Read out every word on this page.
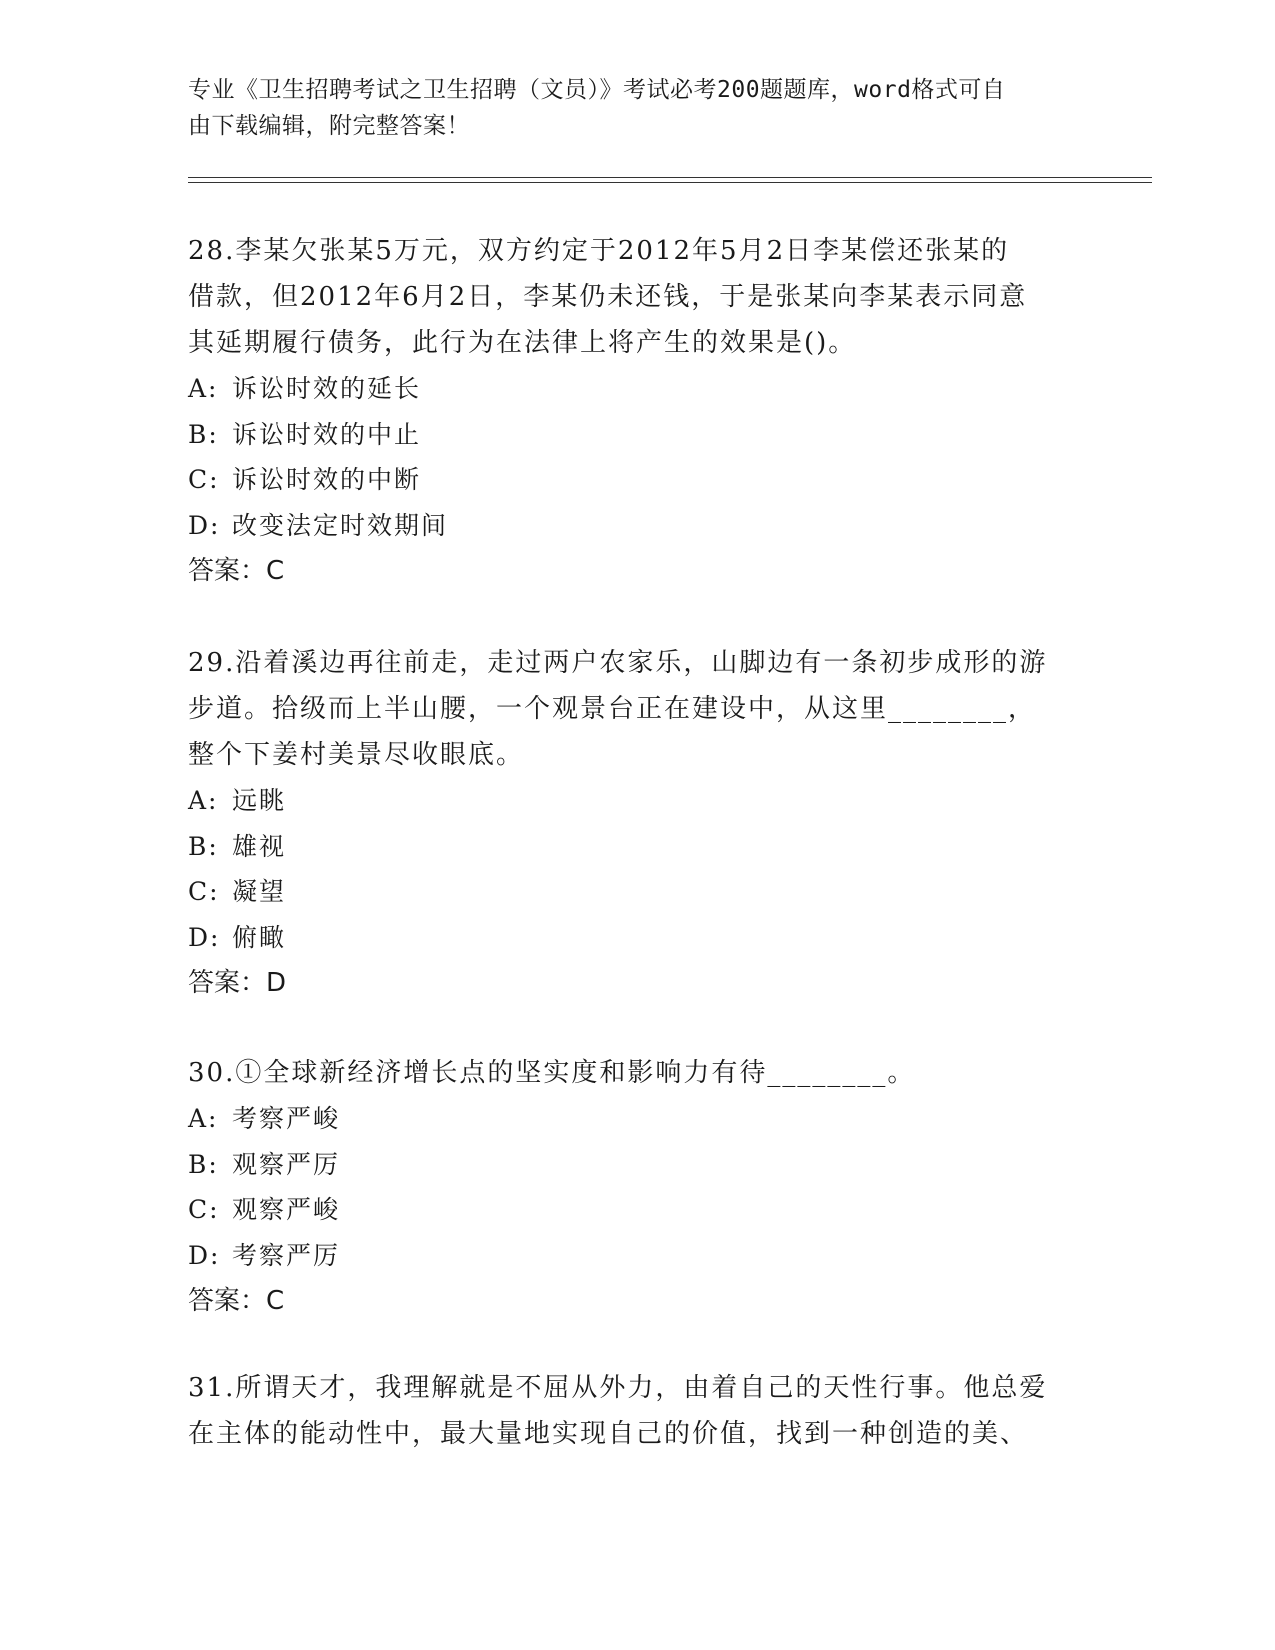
专业《卫生招聘考试之卫生招聘（文员）》考试必考200题题库，word格式可自
由下载编辑，附完整答案！

28.李某欠张某5万元，双方约定于2012年5月2日李某偿还张某的

借款，但2012年6月2日，李某仍未还钱，于是张某向李某表示同意

其延期履行债务，此行为在法律上将产生的效果是()。

A: 诉讼时效的延长

B: 诉讼时效的中止

C: 诉讼时效的中断

D: 改变法定时效期间

答案：C

29.沿着溪边再往前走，走过两户农家乐，山脚边有一条初步成形的游

步道。拾级而上半山腰，一个观景台正在建设中，从这里________，

整个下姜村美景尽收眼底。

A: 远眺

B: 雄视

C: 凝望

D: 俯瞰

答案：D

30.①全球新经济增长点的坚实度和影响力有待________。

A: 考察严峻

B: 观察严厉

C: 观察严峻

D: 考察严厉

答案：C

31.所谓天才，我理解就是不屈从外力，由着自己的天性行事。他总爱

在主体的能动性中，最大量地实现自己的价值，找到一种创造的美、
